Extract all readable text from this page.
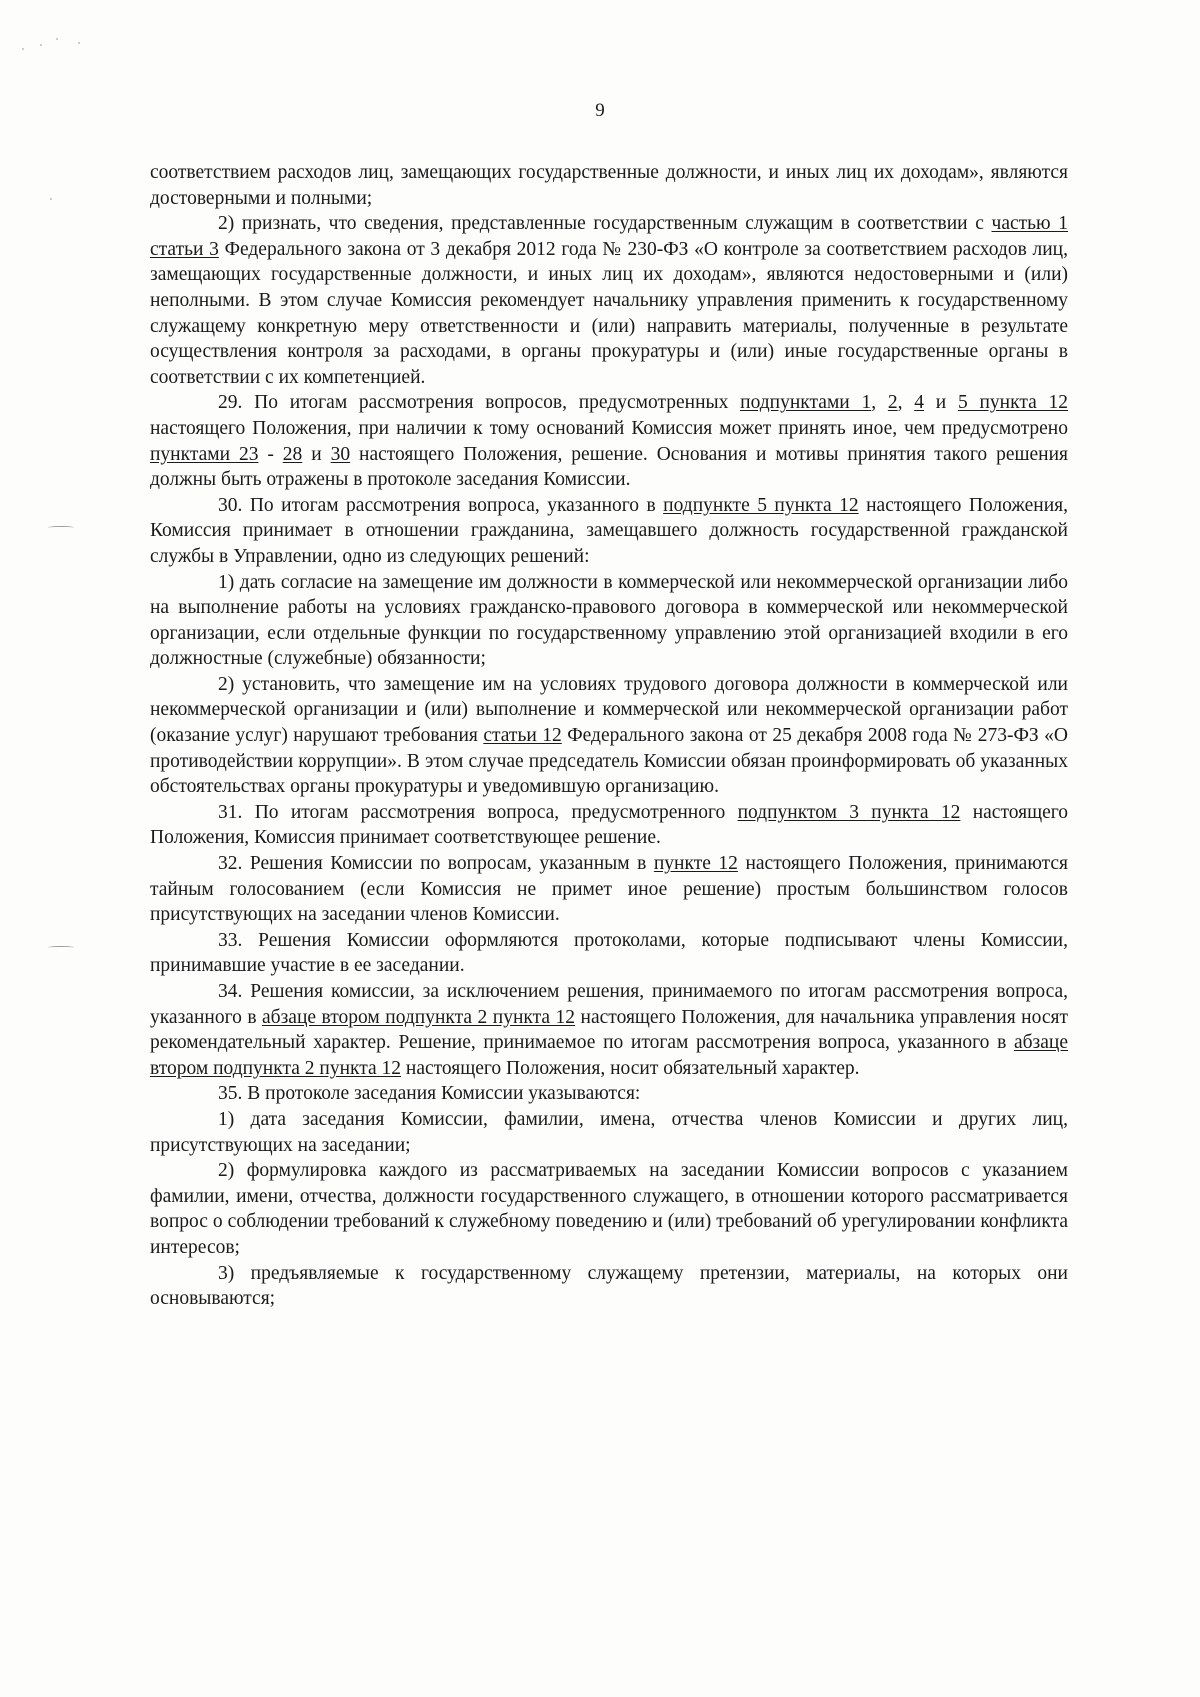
9

соответствием расходов лиц, замещающих государственные должности, и иных лиц их доходам», являются достоверными и полными;

2) признать, что сведения, представленные государственным служащим в соответствии с частью 1 статьи 3 Федерального закона от 3 декабря 2012 года № 230-ФЗ «О контроле за соответствием расходов лиц, замещающих государственные должности, и иных лиц их доходам», являются недостоверными и (или) неполными. В этом случае Комиссия рекомендует начальнику управления применить к государственному служащему конкретную меру ответственности и (или) направить материалы, полученные в результате осуществления контроля за расходами, в органы прокуратуры и (или) иные государственные органы в соответствии с их компетенцией.

29. По итогам рассмотрения вопросов, предусмотренных подпунктами 1, 2, 4 и 5 пункта 12 настоящего Положения, при наличии к тому оснований Комиссия может принять иное, чем предусмотрено пунктами 23 - 28 и 30 настоящего Положения, решение. Основания и мотивы принятия такого решения должны быть отражены в протоколе заседания Комиссии.

30. По итогам рассмотрения вопроса, указанного в подпункте 5 пункта 12 настоящего Положения, Комиссия принимает в отношении гражданина, замещавшего должность государственной гражданской службы в Управлении, одно из следующих решений:

1) дать согласие на замещение им должности в коммерческой или некоммерческой организации либо на выполнение работы на условиях гражданско-правового договора в коммерческой или некоммерческой организации, если отдельные функции по государственному управлению этой организацией входили в его должностные (служебные) обязанности;

2) установить, что замещение им на условиях трудового договора должности в коммерческой или некоммерческой организации и (или) выполнение и коммерческой или некоммерческой организации работ (оказание услуг) нарушают требования статьи 12 Федерального закона от 25 декабря 2008 года № 273-ФЗ «О противодействии коррупции». В этом случае председатель Комиссии обязан проинформировать об указанных обстоятельствах органы прокуратуры и уведомившую организацию.

31. По итогам рассмотрения вопроса, предусмотренного подпунктом 3 пункта 12 настоящего Положения, Комиссия принимает соответствующее решение.

32. Решения Комиссии по вопросам, указанным в пункте 12 настоящего Положения, принимаются тайным голосованием (если Комиссия не примет иное решение) простым большинством голосов присутствующих на заседании членов Комиссии.

33. Решения Комиссии оформляются протоколами, которые подписывают члены Комиссии, принимавшие участие в ее заседании.

34. Решения комиссии, за исключением решения, принимаемого по итогам рассмотрения вопроса, указанного в абзаце втором подпункта 2 пункта 12 настоящего Положения, для начальника управления носят рекомендательный характер. Решение, принимаемое по итогам рассмотрения вопроса, указанного в абзаце втором подпункта 2 пункта 12 настоящего Положения, носит обязательный характер.

35. В протоколе заседания Комиссии указываются:

1) дата заседания Комиссии, фамилии, имена, отчества членов Комиссии и других лиц, присутствующих на заседании;

2) формулировка каждого из рассматриваемых на заседании Комиссии вопросов с указанием фамилии, имени, отчества, должности государственного служащего, в отношении которого рассматривается вопрос о соблюдении требований к служебному поведению и (или) требований об урегулировании конфликта интересов;

3) предъявляемые к государственному служащему претензии, материалы, на которых они основываются;
